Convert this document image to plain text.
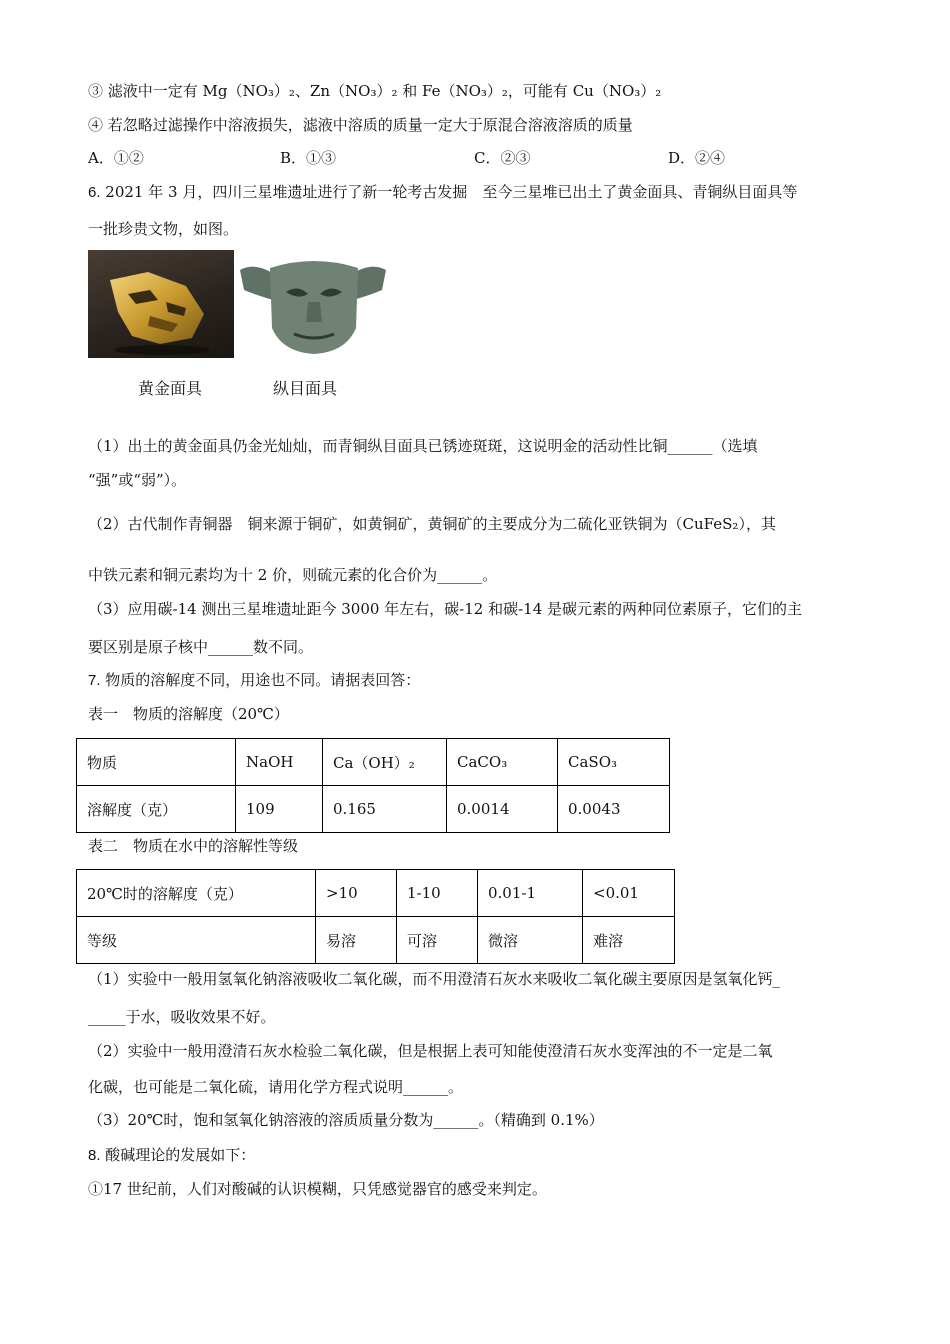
③ 滤液中一定有 Mg（NO₃）₂、Zn（NO₃）₂ 和 Fe（NO₃）₂，可能有 Cu（NO₃）₂
④ 若忽略过滤操作中溶液损失，滤液中溶质的质量一定大于原混合溶液溶质的质量
A．①②	B．①③	C．②③	D．②④
6. 2021 年 3 月，四川三星堆遗址进行了新一轮考古发掘　至今三星堆已出土了黄金面具、青铜纵目面具等
一批珍贵文物，如图。
黄金面具	纵目面具
（1）出土的黄金面具仍金光灿灿，而青铜纵目面具已锈迹斑斑，这说明金的活动性比铜______（选填
“强”或“弱”）。
（2）古代制作青铜器　铜来源于铜矿，如黄铜矿，黄铜矿的主要成分为二硫化亚铁铜为（CuFeS₂），其
中铁元素和铜元素均为十 2 价，则硫元素的化合价为______。
（3）应用碳-14 测出三星堆遗址距今 3000 年左右，碳-12 和碳-14 是碳元素的两种同位素原子，它们的主
要区别是原子核中______数不同。
7. 物质的溶解度不同，用途也不同。请据表回答：
表一　物质的溶解度（20℃）
物质	NaOH	Ca（OH）₂	CaCO₃	CaSO₃
溶解度（克）	109	0.165	0.0014	0.0043
表二　物质在水中的溶解性等级
20℃时的溶解度（克）	>10	1-10	0.01-1	<0.01
等级	易溶	可溶	微溶	难溶
（1）实验中一般用氢氧化钠溶液吸收二氧化碳，而不用澄清石灰水来吸收二氧化碳主要原因是氢氧化钙_
_____于水，吸收效果不好。
（2）实验中一般用澄清石灰水检验二氧化碳，但是根据上表可知能使澄清石灰水变浑浊的不一定是二氧
化碳，也可能是二氧化硫，请用化学方程式说明______。
（3）20℃时，饱和氢氧化钠溶液的溶质质量分数为______。（精确到 0.1%）
8. 酸碱理论的发展如下：
①17 世纪前，人们对酸碱的认识模糊，只凭感觉器官的感受来判定。
